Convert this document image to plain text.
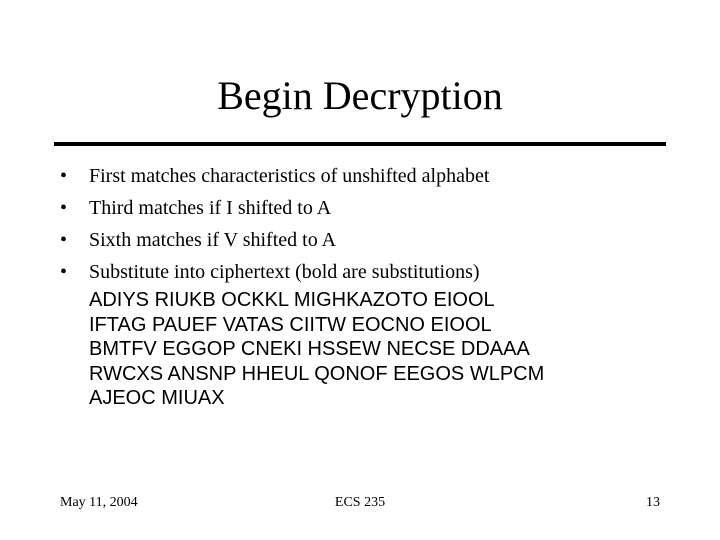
Begin Decryption
• First matches characteristics of unshifted alphabet
• Third matches if I shifted to A
• Sixth matches if V shifted to A
• Substitute into ciphertext (bold are substitutions)
ADIYS RIUKB OCKKL MIGHKAZOTO EIOOL
IFTAG PAUEF VATAS CIITW EOCNO EIOOL
BMTFV EGGOP CNEKI HSSEW NECSE DDAAA
RWCXS ANSNP HHEUL QONOF EEGOS WLPCM
AJEOC MIUAX
May 11, 2004	ECS 235	13
